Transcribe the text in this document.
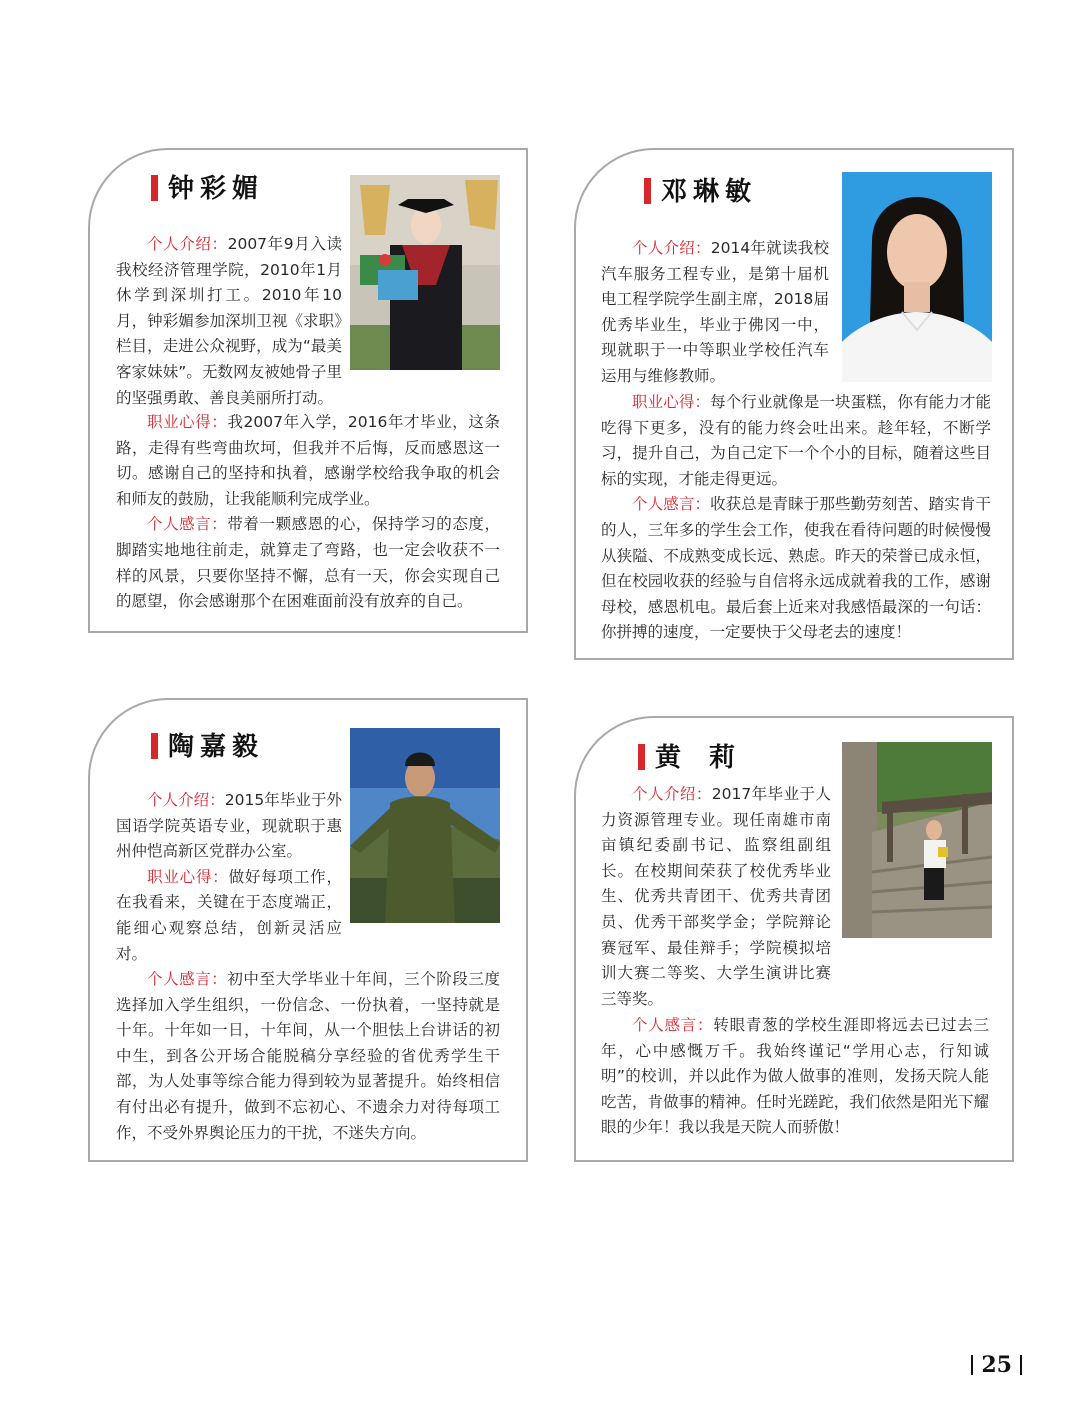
钟彩媚

个人介绍：2007年9月入读我校经济管理学院，2010年1月休学到深圳打工。2010年10月，钟彩媚参加深圳卫视《求职》栏目，走进公众视野，成为“最美客家妹妹”。无数网友被她骨子里的坚强勇敢、善良美丽所打动。

职业心得：我2007年入学，2016年才毕业，这条路，走得有些弯曲坎坷，但我并不后悔，反而感恩这一切。感谢自己的坚持和执着，感谢学校给我争取的机会和师友的鼓励，让我能顺利完成学业。

个人感言：带着一颗感恩的心，保持学习的态度，脚踏实地地往前走，就算走了弯路，也一定会收获不一样的风景，只要你坚持不懈，总有一天，你会实现自己的愿望，你会感谢那个在困难面前没有放弃的自己。

邓琳敏

个人介绍：2014年就读我校汽车服务工程专业，是第十届机电工程学院学生副主席，2018届优秀毕业生，毕业于佛冈一中，现就职于一中等职业学校任汽车运用与维修教师。

职业心得：每个行业就像是一块蛋糕，你有能力才能吃得下更多，没有的能力终会吐出来。趁年轻，不断学习，提升自己，为自己定下一个个小的目标，随着这些目标的实现，才能走得更远。

个人感言：收获总是青睐于那些勤劳刻苦、踏实肯干的人，三年多的学生会工作，使我在看待问题的时候慢慢从狭隘、不成熟变成长远、熟虑。昨天的荣誉已成永恒，但在校园收获的经验与自信将永远成就着我的工作，感谢母校，感恩机电。最后套上近来对我感悟最深的一句话：你拼搏的速度，一定要快于父母老去的速度！

陶嘉毅

个人介绍：2015年毕业于外国语学院英语专业，现就职于惠州仲恺高新区党群办公室。

职业心得：做好每项工作，在我看来，关键在于态度端正，能细心观察总结，创新灵活应对。

个人感言：初中至大学毕业十年间，三个阶段三度选择加入学生组织，一份信念、一份执着，一坚持就是十年。十年如一日，十年间，从一个胆怯上台讲话的初中生，到各公开场合能脱稿分享经验的省优秀学生干部，为人处事等综合能力得到较为显著提升。始终相信有付出必有提升，做到不忘初心、不遗余力对待每项工作，不受外界舆论压力的干扰，不迷失方向。

黄莉

个人介绍：2017年毕业于人力资源管理专业。现任南雄市南亩镇纪委副书记、监察组副组长。在校期间荣获了校优秀毕业生、优秀共青团干、优秀共青团员、优秀干部奖学金；学院辩论赛冠军、最佳辩手；学院模拟培训大赛二等奖、大学生演讲比赛三等奖。

个人感言：转眼青葱的学校生涯即将远去已过去三年，心中感慨万千。我始终谨记“学用心志，行知诚明”的校训，并以此作为做人做事的准则，发扬天院人能吃苦，肯做事的精神。任时光蹉跎，我们依然是阳光下耀眼的少年！我以我是天院人而骄傲！

25
